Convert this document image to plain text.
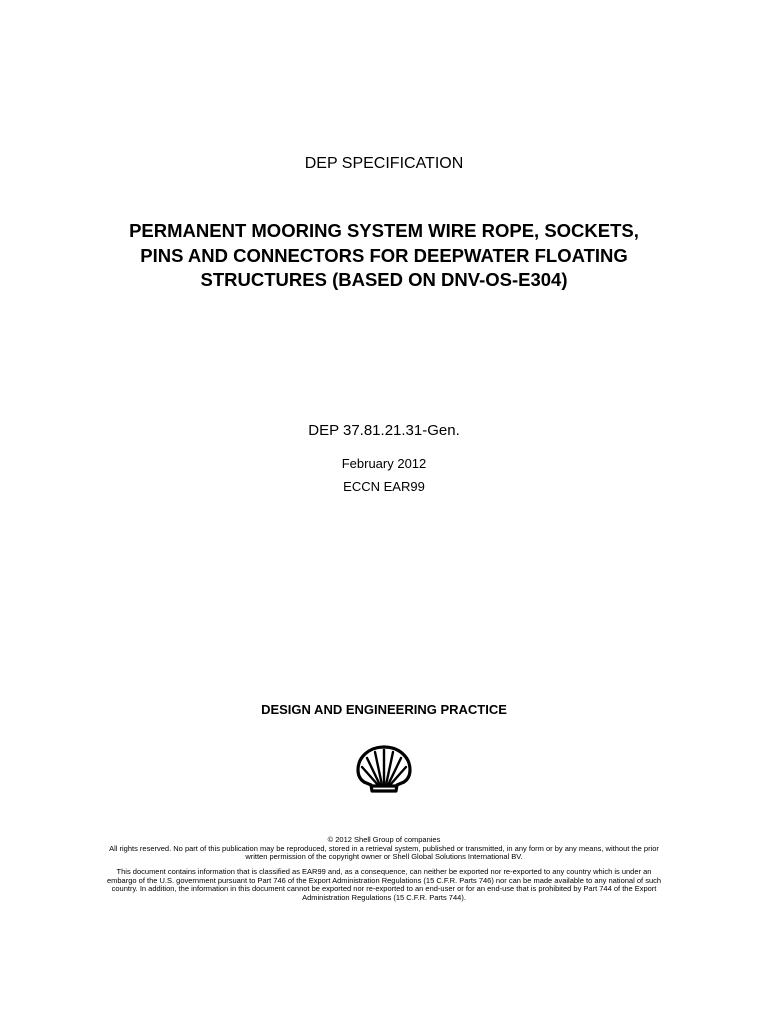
DEP SPECIFICATION
PERMANENT MOORING SYSTEM WIRE ROPE, SOCKETS,
PINS AND CONNECTORS FOR DEEPWATER FLOATING
STRUCTURES (BASED ON DNV-OS-E304)
DEP 37.81.21.31-Gen.
February 2012
ECCN EAR99
DESIGN AND ENGINEERING PRACTICE
© 2012 Shell Group of companies
All rights reserved. No part of this publication may be reproduced, stored in a retrieval system, published or transmitted, in any form or by any means, without the prior
written permission of the copyright owner or Shell Global Solutions International BV.
This document contains information that is classified as EAR99 and, as a consequence, can neither be exported nor re-exported to any country which is under an
embargo of the U.S. government pursuant to Part 746 of the Export Administration Regulations (15 C.F.R. Parts 746) nor can be made available to any national of such
country. In addition, the information in this document cannot be exported nor re-exported to an end-user or for an end-use that is prohibited by Part 744 of the Export
Administration Regulations (15 C.F.R. Parts 744).
